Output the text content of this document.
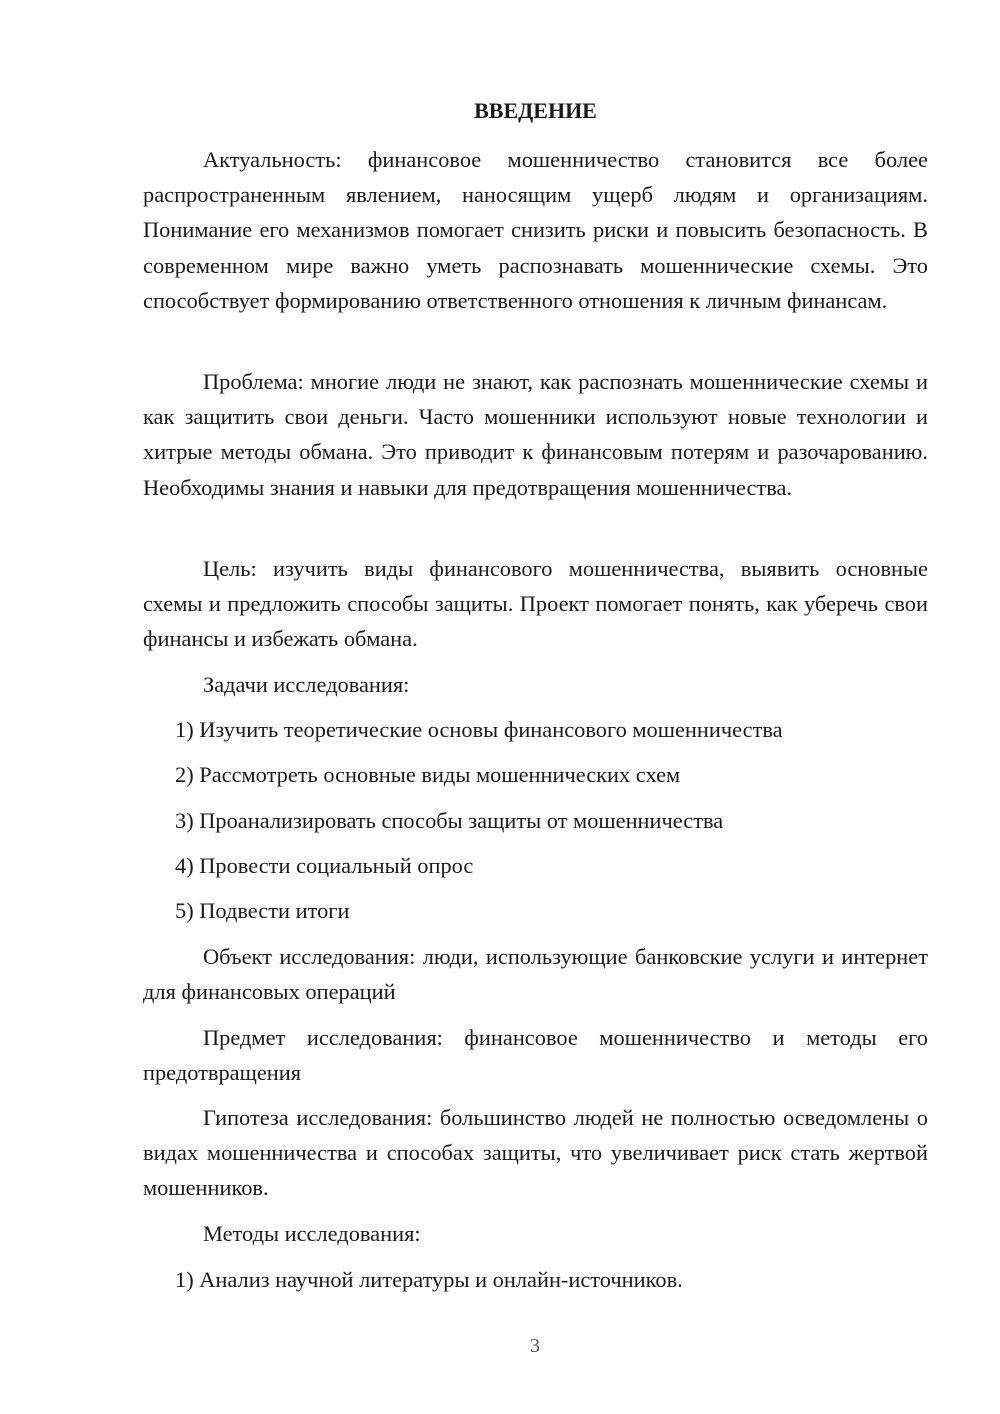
ВВЕДЕНИЕ

Актуальность: финансовое мошенничество становится все более распространенным явлением, наносящим ущерб людям и организациям. Понимание его механизмов помогает снизить риски и повысить безопасность. В современном мире важно уметь распознавать мошеннические схемы. Это способствует формированию ответственного отношения к личным финансам.

Проблема: многие люди не знают, как распознать мошеннические схемы и как защитить свои деньги. Часто мошенники используют новые технологии и хитрые методы обмана. Это приводит к финансовым потерям и разочарованию. Необходимы знания и навыки для предотвращения мошенничества.

Цель: изучить виды финансового мошенничества, выявить основные схемы и предложить способы защиты. Проект помогает понять, как уберечь свои финансы и избежать обмана.

Задачи исследования:

1) Изучить теоретические основы финансового мошенничества

2) Рассмотреть основные виды мошеннических схем

3) Проанализировать способы защиты от мошенничества

4) Провести социальный опрос

5) Подвести итоги

Объект исследования: люди, использующие банковские услуги и интернет для финансовых операций

Предмет исследования: финансовое мошенничество и методы его предотвращения

Гипотеза исследования: большинство людей не полностью осведомлены о видах мошенничества и способах защиты, что увеличивает риск стать жертвой мошенников.

Методы исследования:

1) Анализ научной литературы и онлайн-источников.

3
